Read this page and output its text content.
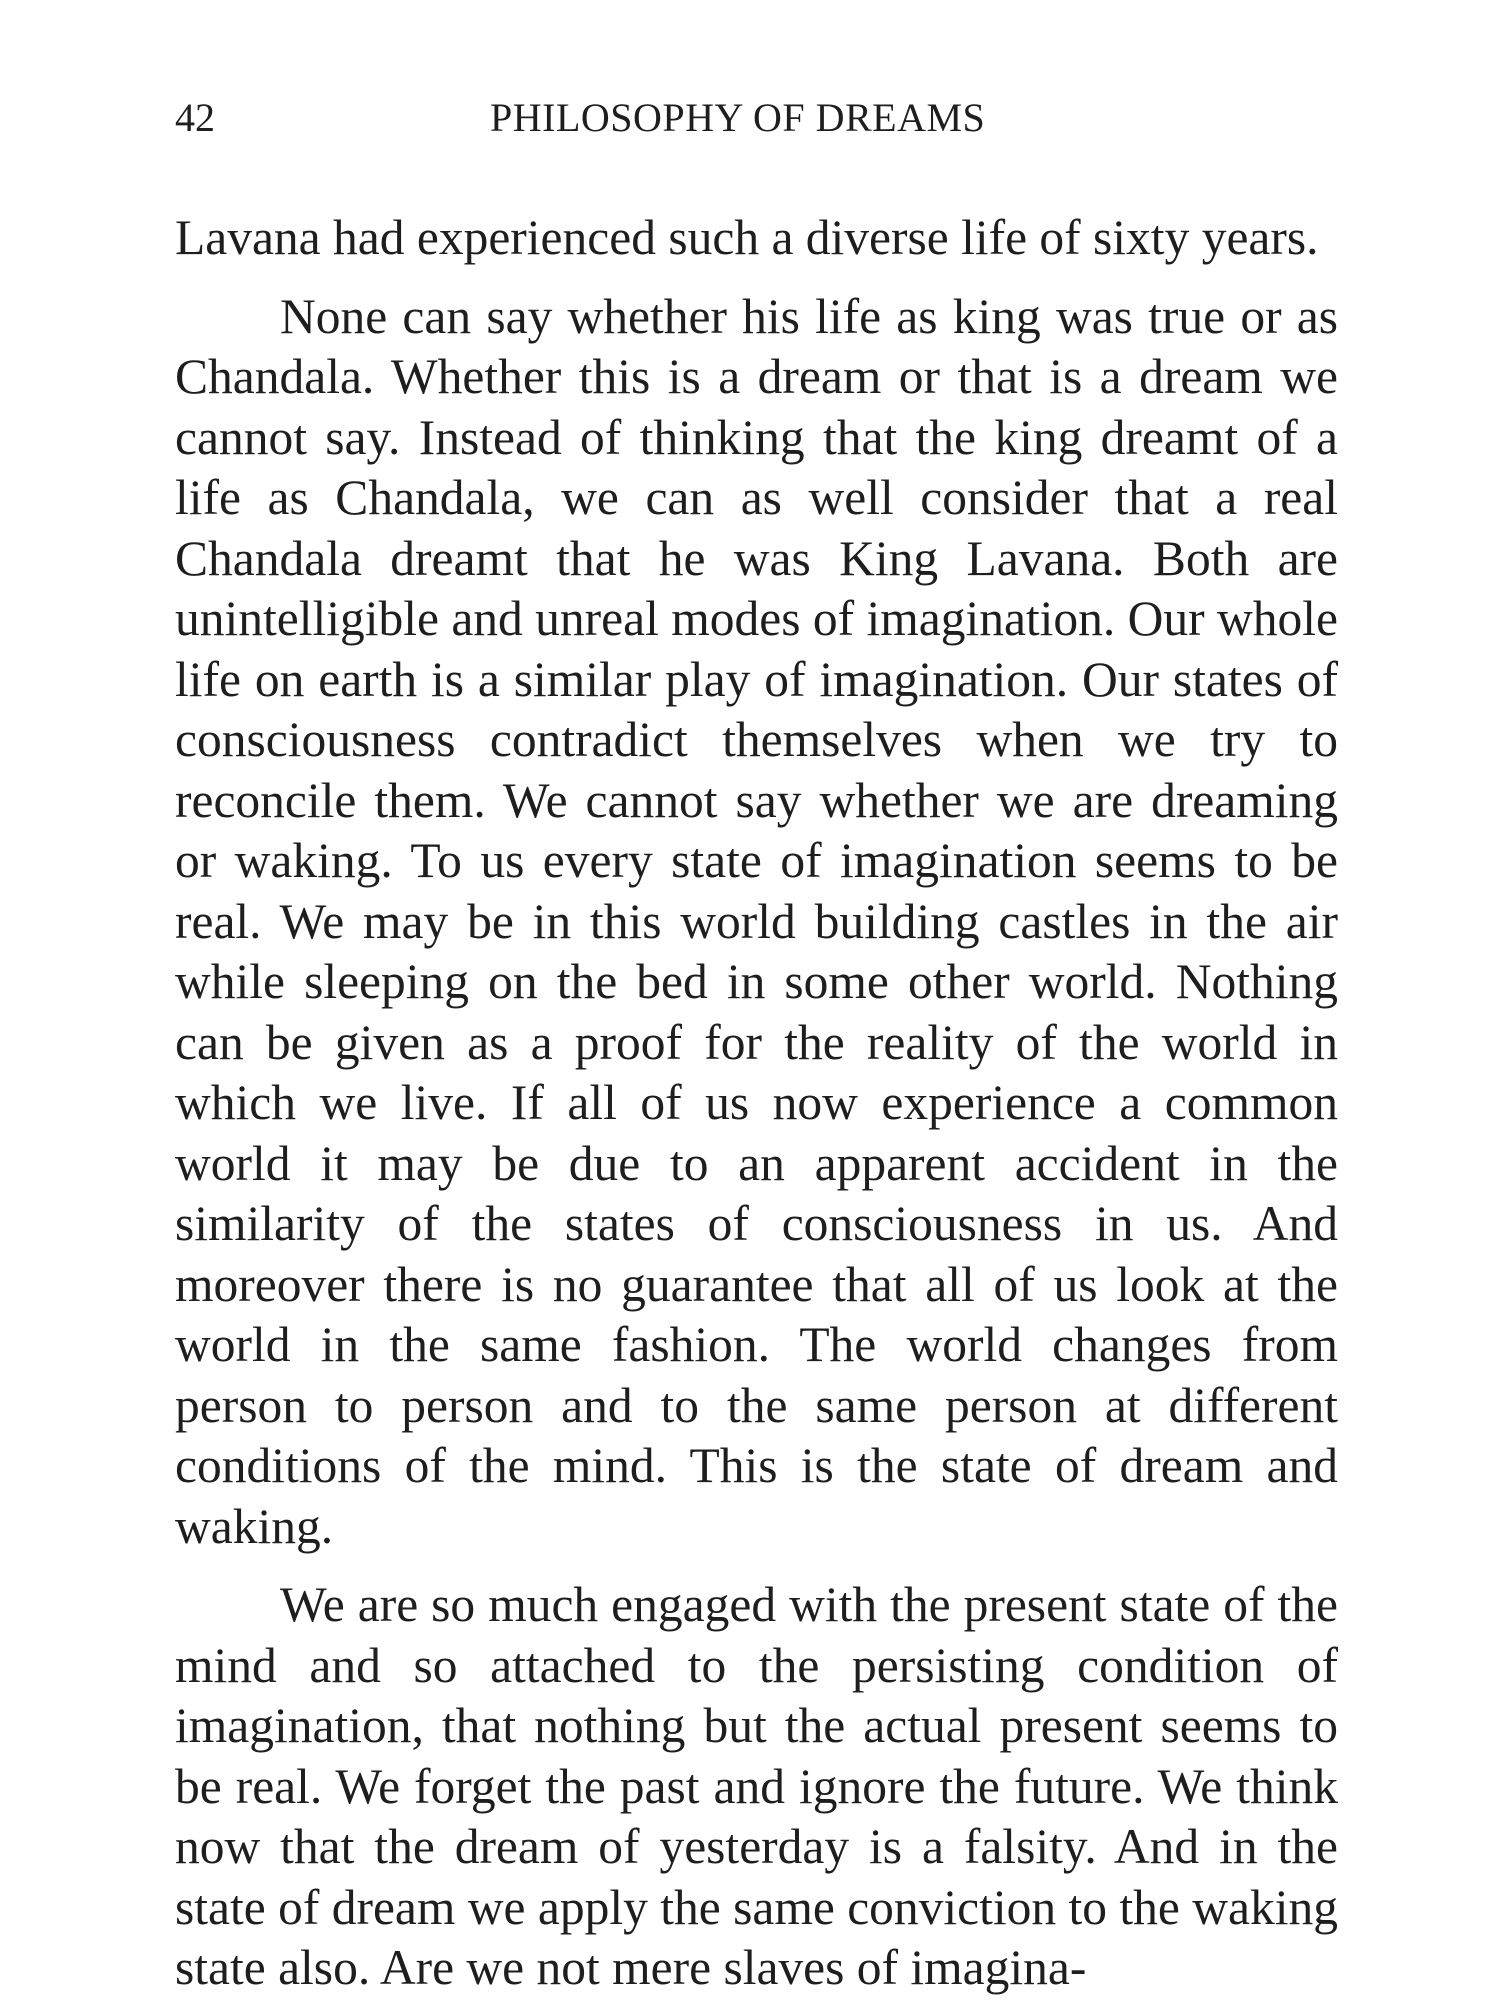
42	PHILOSOPHY OF DREAMS

Lavana had experienced such a diverse life of sixty years.

None can say whether his life as king was true or as Chandala. Whether this is a dream or that is a dream we cannot say. Instead of thinking that the king dreamt of a life as Chandala, we can as well consider that a real Chandala dreamt that he was King Lavana. Both are unintelligible and unreal modes of imagination. Our whole life on earth is a similar play of imagination. Our states of consciousness contradict themselves when we try to reconcile them. We cannot say whether we are dreaming or waking. To us every state of imagination seems to be real. We may be in this world building castles in the air while sleeping on the bed in some other world. Nothing can be given as a proof for the reality of the world in which we live. If all of us now experience a common world it may be due to an apparent accident in the similarity of the states of consciousness in us. And moreover there is no guarantee that all of us look at the world in the same fashion. The world changes from person to person and to the same person at different conditions of the mind. This is the state of dream and waking.

We are so much engaged with the present state of the mind and so attached to the persisting condition of imagination, that nothing but the actual present seems to be real. We forget the past and ignore the future. We think now that the dream of yesterday is a falsity. And in the state of dream we apply the same conviction to the waking state also. Are we not mere slaves of imagina-
